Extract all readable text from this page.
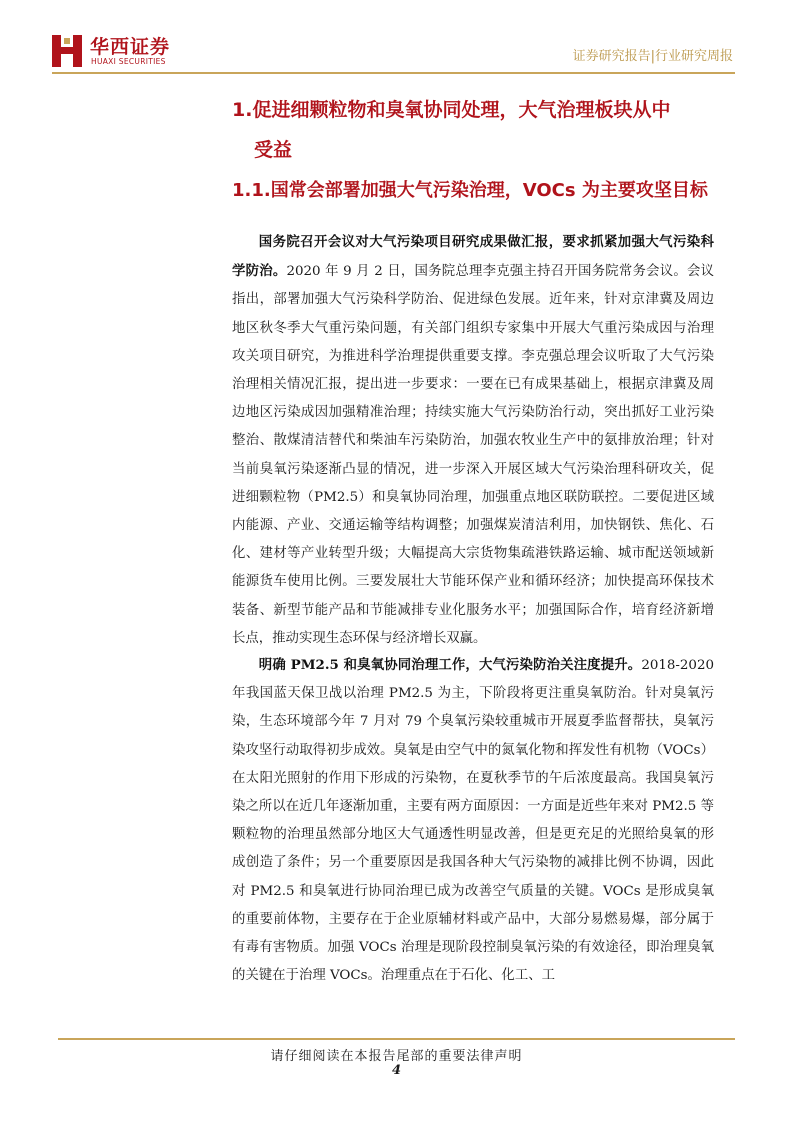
华西证券
HUAXI SECURITIES	证券研究报告|行业研究周报
1.促进细颗粒物和臭氧协同处理，大气治理板块从中
受益
1.1.国常会部署加强大气污染治理，VOCs 为主要攻坚目标

国务院召开会议对大气污染项目研究成果做汇报，要求抓紧加强大气污染科学防治。2020 年 9 月 2 日，国务院总理李克强主持召开国务院常务会议。会议指出，部署加强大气污染科学防治、促进绿色发展。近年来，针对京津冀及周边地区秋冬季大气重污染问题，有关部门组织专家集中开展大气重污染成因与治理攻关项目研究，为推进科学治理提供重要支撑。李克强总理会议听取了大气污染治理相关情况汇报，提出进一步要求：一要在已有成果基础上，根据京津冀及周边地区污染成因加强精准治理；持续实施大气污染防治行动，突出抓好工业污染整治、散煤清洁替代和柴油车污染防治，加强农牧业生产中的氨排放治理；针对当前臭氧污染逐渐凸显的情况，进一步深入开展区域大气污染治理科研攻关，促进细颗粒物（PM2.5）和臭氧协同治理，加强重点地区联防联控。二要促进区域内能源、产业、交通运输等结构调整；加强煤炭清洁利用，加快钢铁、焦化、石化、建材等产业转型升级；大幅提高大宗货物集疏港铁路运输、城市配送领域新能源货车使用比例。三要发展壮大节能环保产业和循环经济；加快提高环保技术装备、新型节能产品和节能减排专业化服务水平；加强国际合作，培育经济新增长点，推动实现生态环保与经济增长双赢。

明确 PM2.5 和臭氧协同治理工作，大气污染防治关注度提升。2018-2020 年我国蓝天保卫战以治理 PM2.5 为主，下阶段将更注重臭氧防治。针对臭氧污染，生态环境部今年 7 月对 79 个臭氧污染较重城市开展夏季监督帮扶，臭氧污染攻坚行动取得初步成效。臭氧是由空气中的氮氧化物和挥发性有机物（VOCs）在太阳光照射的作用下形成的污染物，在夏秋季节的午后浓度最高。我国臭氧污染之所以在近几年逐渐加重，主要有两方面原因：一方面是近些年来对 PM2.5 等颗粒物的治理虽然部分地区大气通透性明显改善，但是更充足的光照给臭氧的形成创造了条件；另一个重要原因是我国各种大气污染物的减排比例不协调，因此对 PM2.5 和臭氧进行协同治理已成为改善空气质量的关键。VOCs 是形成臭氧的重要前体物，主要存在于企业原辅材料或产品中，大部分易燃易爆，部分属于有毒有害物质。加强 VOCs 治理是现阶段控制臭氧污染的有效途径，即治理臭氧的关键在于治理 VOCs。治理重点在于石化、化工、工

请仔细阅读在本报告尾部的重要法律声明
4
